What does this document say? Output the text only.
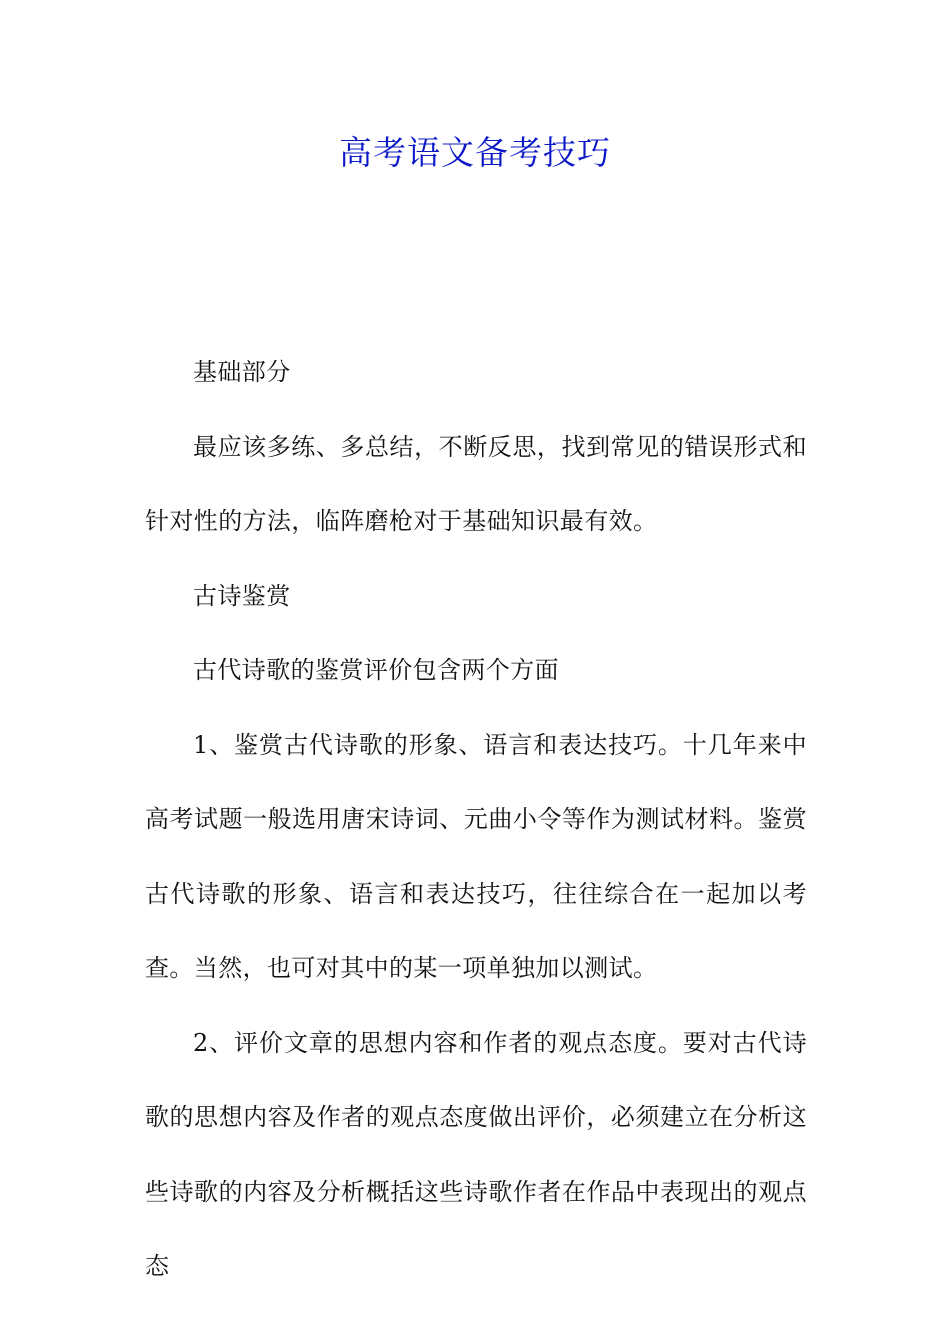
高考语文备考技巧

基础部分

最应该多练、多总结，不断反思，找到常见的错误形式和针对性的方法，临阵磨枪对于基础知识最有效。

古诗鉴赏

古代诗歌的鉴赏评价包含两个方面

1、鉴赏古代诗歌的形象、语言和表达技巧。十几年来中高考试题一般选用唐宋诗词、元曲小令等作为测试材料。鉴赏古代诗歌的形象、语言和表达技巧，往往综合在一起加以考查。当然，也可对其中的某一项单独加以测试。

2、评价文章的思想内容和作者的观点态度。要对古代诗歌的思想内容及作者的观点态度做出评价，必须建立在分析这些诗歌的内容及分析概括这些诗歌作者在作品中表现出的观点态
